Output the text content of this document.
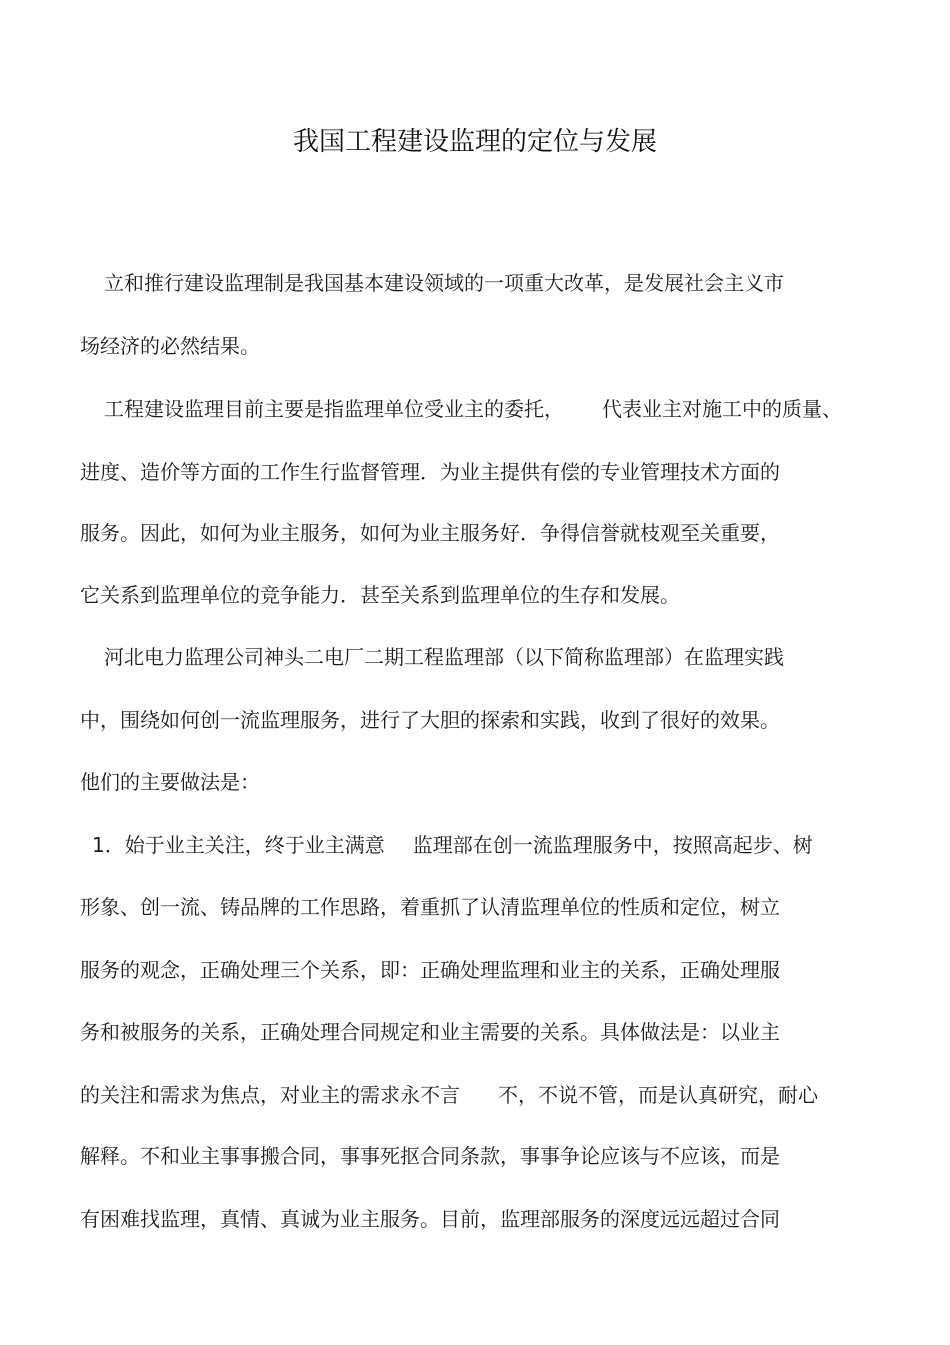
我国工程建设监理的定位与发展
立和推行建设监理制是我国基本建设领域的一项重大改革，是发展社会主义市
场经济的必然结果。
工程建设监理目前主要是指监理单位受业主的委托， 代表业主对施工中的质量、
进度、造价等方面的工作生行监督管理．为业主提供有偿的专业管理技术方面的
服务。因此，如何为业主服务，如何为业主服务好．争得信誉就枝观至关重要，
它关系到监理单位的竞争能力．甚至关系到监理单位的生存和发展。
河北电力监理公司神头二电厂二期工程监理部（以下简称监理部）在监理实践
中，围绕如何创一流监理服务，进行了大胆的探索和实践，收到了很好的效果。
他们的主要做法是：
1．始于业主关注，终于业主满意 监理部在创一流监理服务中，按照高起步、树
形象、创一流、铸品牌的工作思路，着重抓了认清监理单位的性质和定位，树立
服务的观念，正确处理三个关系，即：正确处理监理和业主的关系，正确处理服
务和被服务的关系，正确处理合同规定和业主需要的关系。具体做法是：以业主
的关注和需求为焦点，对业主的需求永不言 不，不说不管，而是认真研究，耐心
解释。不和业主事事搬合同，事事死抠合同条款，事事争论应该与不应该，而是
有困难找监理，真情、真诚为业主服务。目前，监理部服务的深度远远超过合同
